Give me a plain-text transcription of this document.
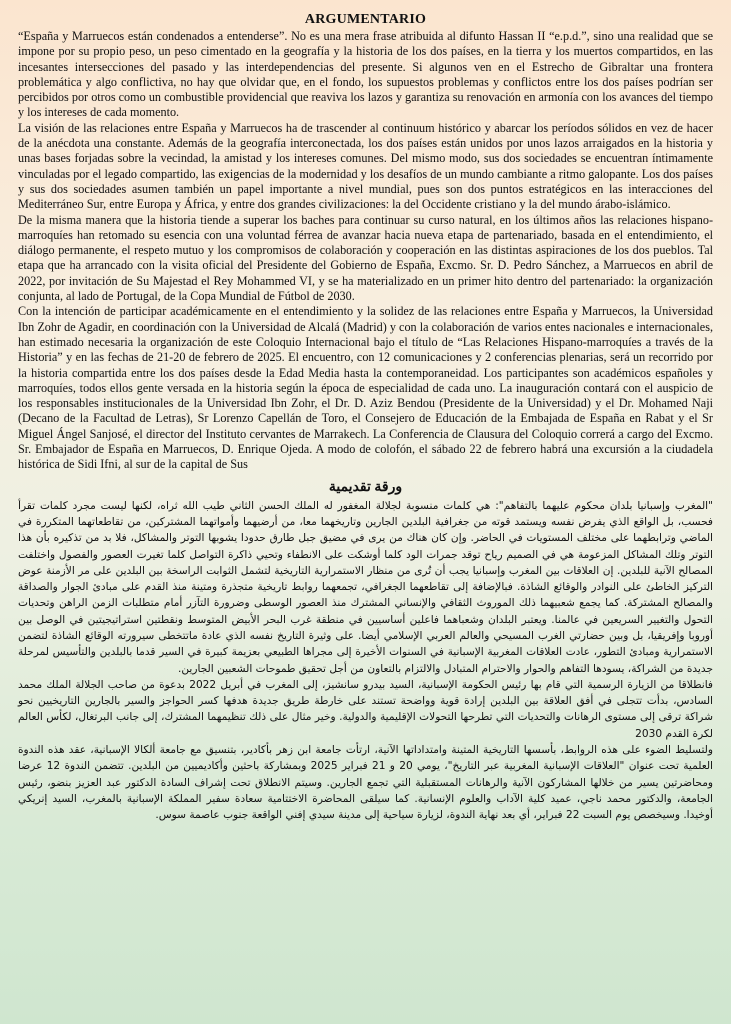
ARGUMENTARIO

“España y Marruecos están condenados a entenderse”. No es una mera frase atribuida al difunto Hassan II “e.p.d.”, sino una realidad que se impone por su propio peso, un peso cimentado en la geografía y la historia de los dos países, en la tierra y los muertos compartidos, en las incesantes intersecciones del pasado y las interdependencias del presente. Si algunos ven en el Estrecho de Gibraltar una frontera problemática y algo conflictiva, no hay que olvidar que, en el fondo, los supuestos problemas y conflictos entre los dos países podrían ser percibidos por otros como un combustible providencial que reaviva los lazos y garantiza su renovación en armonía con los avances del tiempo y los intereses de cada momento.

La visión de las relaciones entre España y Marruecos ha de trascender al continuum histórico y abarcar los períodos sólidos en vez de hacer de la anécdota una constante. Además de la geografía interconectada, los dos países están unidos por unos lazos arraigados en la historia y unas bases forjadas sobre la vecindad, la amistad y los intereses comunes. Del mismo modo, sus dos sociedades se encuentran íntimamente vinculadas por el legado compartido, las exigencias de la modernidad y los desafíos de un mundo cambiante a ritmo galopante. Los dos países y sus dos sociedades asumen también un papel importante a nivel mundial, pues son dos puntos estratégicos en las interacciones del Mediterráneo Sur, entre Europa y África, y entre dos grandes civilizaciones: la del Occidente cristiano y la del mundo árabo-islámico.

De la misma manera que la historia tiende a superar los baches para continuar su curso natural, en los últimos años las relaciones hispano-marroquíes han retomado su esencia con una voluntad férrea de avanzar hacia nueva etapa de partenariado, basada en el entendimiento, el diálogo permanente, el respeto mutuo y los compromisos de colaboración y cooperación en las distintas aspiraciones de los dos pueblos. Tal etapa que ha arrancado con la visita oficial del Presidente del Gobierno de España, Excmo. Sr. D. Pedro Sánchez, a Marruecos en abril de 2022, por invitación de Su Majestad el Rey Mohammed VI, y se ha materializado en un primer hito dentro del partenariado: la organización conjunta, al lado de Portugal, de la Copa Mundial de Fútbol de 2030.

Con la intención de participar académicamente en el entendimiento y la solidez de las relaciones entre España y Marruecos, la Universidad Ibn Zohr de Agadir, en coordinación con la Universidad de Alcalá (Madrid) y con la colaboración de varios entes nacionales e internacionales, han estimado necesaria la organización de este Coloquio Internacional bajo el título de “Las Relaciones Hispano-marroquíes a través de la Historia” y en las fechas de 21-20 de febrero de 2025. El encuentro, con 12 comunicaciones y 2 conferencias plenarias, será un recorrido por la historia compartida entre los dos países desde la Edad Media hasta la contemporaneidad. Los participantes son académicos españoles y marroquíes, todos ellos gente versada en la historia según la época de especialidad de cada uno. La inauguración contará con el auspicio de los responsables institucionales de la Universidad Ibn Zohr, el Dr. D. Aziz Bendou (Presidente de la Universidad) y el Dr. Mohamed Naji (Decano de la Facultad de Letras), Sr Lorenzo Capellán de Toro, el Consejero de Educación de la Embajada de España en Rabat y el Sr Miguel Ángel Sanjosé, el director del Instituto cervantes de Marrakech. La Conferencia de Clausura del Coloquio correrá a cargo del Excmo. Sr. Embajador de España en Marruecos, D. Enrique Ojeda. A modo de colofón, el sábado 22 de febrero habrá una excursión a la ciudadela histórica de Sidi Ifni, al sur de la capital de Sus

ورقة تقديمية

"المغرب وإسبانيا بلدان محكوم عليهما بالتفاهم": هي كلمات منسوبة لجلالة المغفور له الملك الحسن الثاني طيب الله ثراه، لكنها ليست مجرد كلمات تقرأ فحسب، بل الواقع الذي يفرض نفسه ويستمد قوته من جغرافية البلدين الجارين وتاريخهما معا، من أرضيهما وأمواتهما المشتركين، من تقاطعاتهما المتكررة في الماضي وترابطهما على مختلف المستويات في الحاضر. وإن كان هناك من يرى في مضيق جبل طارق حدودا يشوبها التوتر والمشاكل، فلا بد من تذكيره بأن هذا التوتر وتلك المشاكل المزعومة هي في الصميم رياح توقد جمرات الود كلما أوشكت على الانطفاء وتحيي ذاكرة التواصل كلما تغيرت العصور والفصول واختلفت المصالح الآنية للبلدين. إن العلاقات بين المغرب وإسبانيا يجب أن تُرى من منظار الاستمرارية التاريخية لتشمل الثوابت الراسخة بين البلدين على مر الأزمنة عوض التركيز الخاطئ على النوادر والوقائع الشاذة. فبالإضافة إلى تقاطعهما الجغرافي، تجمعهما روابط تاريخية متجذرة ومتينة منذ القدم على مبادئ الجوار والصداقة والمصالح المشتركة. كما يجمع شعبيهما ذلك الموروث الثقافي والإنساني المشترك منذ العصور الوسطى وضرورة التآزر أمام متطلبات الزمن الراهن وتحديات التحول والتغيير السريعين في عالمنا. ويعتبر البلدان وشعباهما فاعلين أساسيين في منطقة غرب البحر الأبيض المتوسط ونقطتين استراتيجيتين في الوصل بين أوروبا وإفريقيا، بل وبين حضارتي الغرب المسيحي والعالم العربي الإسلامي أيضا. على وثيرة التاريخ نفسه الذي عادة ماتتخطى سيرورته الوقائع الشاذة لتضمن الاستمرارية ومبادئ التطور، عادت العلاقات المغربية الإسبانية في السنوات الأخيرة إلى مجراها الطبيعي بعزيمة كبيرة في السير قدما بالبلدين والتأسيس لمرحلة جديدة من الشراكة، يسودها التفاهم والحوار والاحترام المتبادل والالتزام بالتعاون من أجل تحقيق طموحات الشعبين الجارين.

فانطلاقا من الزيارة الرسمية التي قام بها رئيس الحكومة الإسبانية، السيد بيدرو سانشيز، إلى المغرب في أبريل 2022 بدعوة من صاحب الجلالة الملك محمد السادس، بدأت تتجلى في أفق العلاقة بين البلدين إرادة قوية وواضحة تستند على خارطة طريق جديدة هدفها كسر الحواجز والسير بالجارين التاريخيين نحو شراكة ترقى إلى مستوى الرهانات والتحديات التي تطرحها التحولات الإقليمية والدولية. وخير مثال على ذلك تنظيمهما المشترك، إلى جانب البرتغال، لكأس العالم لكرة القدم 2030

ولتسليط الضوء على هذه الروابط، بأسسها التاريخية المتينة وامتداداتها الآنية، ارتأت جامعة ابن زهر بأكادير، بتنسيق مع جامعة ألكالا الإسبانية، عقد هذه الندوة العلمية تحت عنوان "العلاقات الإسبانية المغربية عبر التاريخ"، يومي 20 و 21 فبراير 2025 وبمشاركة باحثين وأكاديميين من البلدين. تتضمن الندوة 12 عرضا ومحاضرتين يسير من خلالها المشاركون الآنية والرهانات المستقبلية التي تجمع الجارين. وسيتم الانطلاق تحت إشراف السادة الدكتور عبد العزيز بنضو، رئيس الجامعة، والدكتور محمد ناجي، عميد كلية الآداب والعلوم الإنسانية. كما سيلقى المحاضرة الاختتامية سعادة سفير المملكة الإسبانية بالمغرب، السيد إنريكي أوخيدا. وسيخصص يوم السبت 22 فبراير، أي بعد نهاية الندوة، لزيارة سياحية إلى مدينة سيدي إفني الواقعة جنوب عاصمة سوس.
